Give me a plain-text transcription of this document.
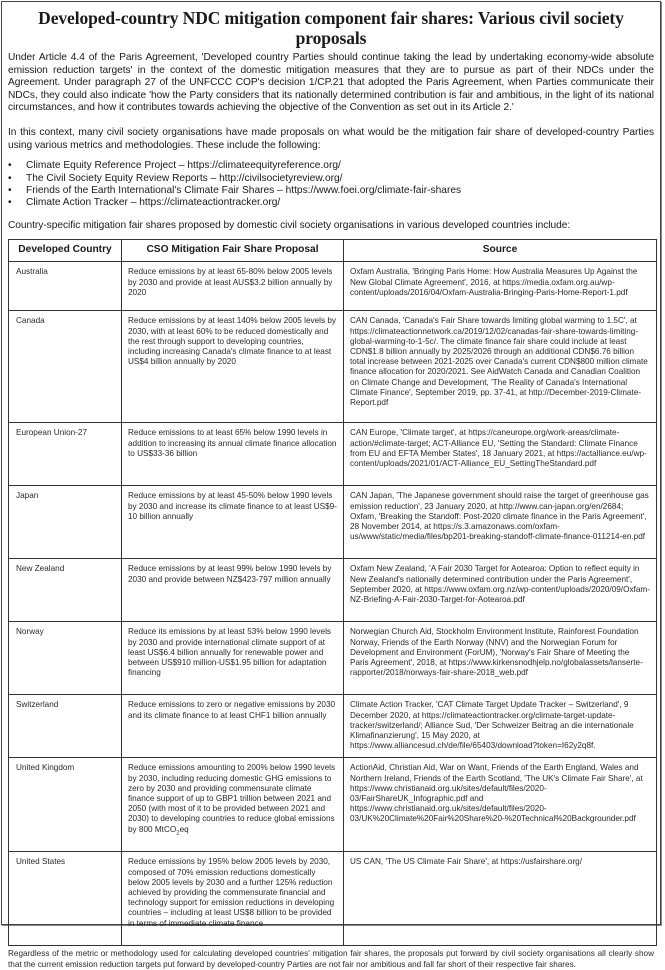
Developed-country NDC mitigation component fair shares: Various civil society proposals

Under Article 4.4 of the Paris Agreement, 'Developed country Parties should continue taking the lead by undertaking economy-wide absolute emission reduction targets' in the context of the domestic mitigation measures that they are to pursue as part of their NDCs under the Agreement. Under paragraph 27 of the UNFCCC COP's decision 1/CP.21 that adopted the Paris Agreement, when Parties communicate their NDCs, they could also indicate 'how the Party considers that its nationally determined contribution is fair and ambitious, in the light of its national circumstances, and how it contributes towards achieving the objective of the Convention as set out in its Article 2.'

In this context, many civil society organisations have made proposals on what would be the mitigation fair share of developed-country Parties using various metrics and methodologies. These include the following:

• Climate Equity Reference Project – https://climateequityreference.org/
• The Civil Society Equity Review Reports – http://civilsocietyreview.org/
• Friends of the Earth International's Climate Fair Shares – https://www.foei.org/climate-fair-shares
• Climate Action Tracker – https://climateactiontracker.org/

Country-specific mitigation fair shares proposed by domestic civil society organisations in various developed countries include:

Developed Country	CSO Mitigation Fair Share Proposal	Source
Australia	Reduce emissions by at least 65-80% below 2005 levels by 2030 and provide at least AUS$3.2 billion annually by 2020	Oxfam Australia, 'Bringing Paris Home: How Australia Measures Up Against the New Global Climate Agreement', 2016, at https://media.oxfam.org.au/wp-content/uploads/2016/04/Oxfam-Australia-Bringing-Paris-Home-Report-1.pdf
Canada	Reduce emissions by at least 140% below 2005 levels by 2030, with at least 60% to be reduced domestically and the rest through support to developing countries, including increasing Canada's climate finance to at least US$4 billion annually by 2020	CAN Canada, 'Canada's Fair Share towards limiting global warming to 1.5C', at https://climateactionnetwork.ca/2019/12/02/canadas-fair-share-towards-limiting-global-warming-to-1-5c/. The climate finance fair share could include at least CDN$1.8 billion annually by 2025/2026 through an additional CDN$6.76 billion total increase between 2021-2025 over Canada's current CDN$800 million climate finance allocation for 2020/2021. See AidWatch Canada and Canadian Coalition on Climate Change and Development, 'The Reality of Canada's International Climate Finance', September 2019, pp. 37-41, at http://December-2019-Climate-Report.pdf
European Union-27	Reduce emissions to at least 65% below 1990 levels in addition to increasing its annual climate finance allocation to US$33-36 billion	CAN Europe, 'Climate target', at https://caneurope.org/work-areas/climate-action/#climate-target; ACT-Alliance EU, 'Setting the Standard: Climate Finance from EU and EFTA Member States', 18 January 2021, at https://actalliance.eu/wp-content/uploads/2021/01/ACT-Alliance_EU_SettingTheStandard.pdf
Japan	Reduce emissions by at least 45-50% below 1990 levels by 2030 and increase its climate finance to at least US$9-10 billion annually	CAN Japan, 'The Japanese government should raise the target of greenhouse gas emission reduction', 23 January 2020, at http://www.can-japan.org/en/2684; Oxfam, 'Breaking the Standoff: Post-2020 climate finance in the Paris Agreement', 28 November 2014, at https://s.3.amazonaws.com/oxfam-us/www/static/media/files/bp201-breaking-standoff-climate-finance-011214-en.pdf
New Zealand	Reduce emissions by at least 99% below 1990 levels by 2030 and provide between NZ$423-797 million annually	Oxfam New Zealand, 'A Fair 2030 Target for Aotearoa: Option to reflect equity in New Zealand's nationally determined contribution under the Paris Agreement', September 2020, at https://www.oxfam.org.nz/wp-content/uploads/2020/09/Oxfam-NZ-Briefing-A-Fair-2030-Target-for-Aotearoa.pdf
Norway	Reduce its emissions by at least 53% below 1990 levels by 2030 and provide international climate support of at least US$6.4 billion annually for renewable power and between US$910 million-US$1.95 billion for adaptation financing	Norwegian Church Aid, Stockholm Environment Institute, Rainforest Foundation Norway, Friends of the Earth Norway (NNV) and the Norwegian Forum for Development and Environment (ForUM), 'Norway's Fair Share of Meeting the Paris Agreement', 2018, at https://www.kirkensnodhjelp.no/globalassets/lanserte-rapporter/2018/norways-fair-share-2018_web.pdf
Switzerland	Reduce emissions to zero or negative emissions by 2030 and its climate finance to at least CHF1 billion annually	Climate Action Tracker, 'CAT Climate Target Update Tracker – Switzerland', 9 December 2020, at https://climateactiontracker.org/climate-target-update-tracker/switzerland/; Alliance Sud, 'Der Schweizer Beitrag an die internationale Klimafinanzierung', 15 May 2020, at https://www.alliancesud.ch/de/file/65403/download?token=I62y2q8f.
United Kingdom	Reduce emissions amounting to 200% below 1990 levels by 2030, including reducing domestic GHG emissions to zero by 2030 and providing commensurate climate finance support of up to GBP1 trillion between 2021 and 2050 (with most of it to be provided between 2021 and 2030) to developing countries to reduce global emissions by 800 MtCO$_2$eq	ActionAid, Christian Aid, War on Want, Friends of the Earth England, Wales and Northern Ireland, Friends of the Earth Scotland, 'The UK's Climate Fair Share', at https://www.christianaid.org.uk/sites/default/files/2020-03/FairShareUK_Infographic.pdf and https://www.christianaid.org.uk/sites/default/files/2020-03/UK%20Climate%20Fair%20Share%20-%20Technical%20Backgrounder.pdf
United States	Reduce emissions by 195% below 2005 levels by 2030, composed of 70% emission reductions domestically below 2005 levels by 2030 and a further 125% reduction achieved by providing the commensurate financial and technology support for emission reductions in developing countries – including at least US$8 billion to be provided in terms of immediate climate finance	US CAN, 'The US Climate Fair Share', at https://usfairshare.org/

Regardless of the metric or methodology used for calculating developed countries' mitigation fair shares, the proposals put forward by civil society organisations all clearly show that the current emission reduction targets put forward by developed-country Parties are not fair nor ambitious and fall far short of their respective fair shares.
